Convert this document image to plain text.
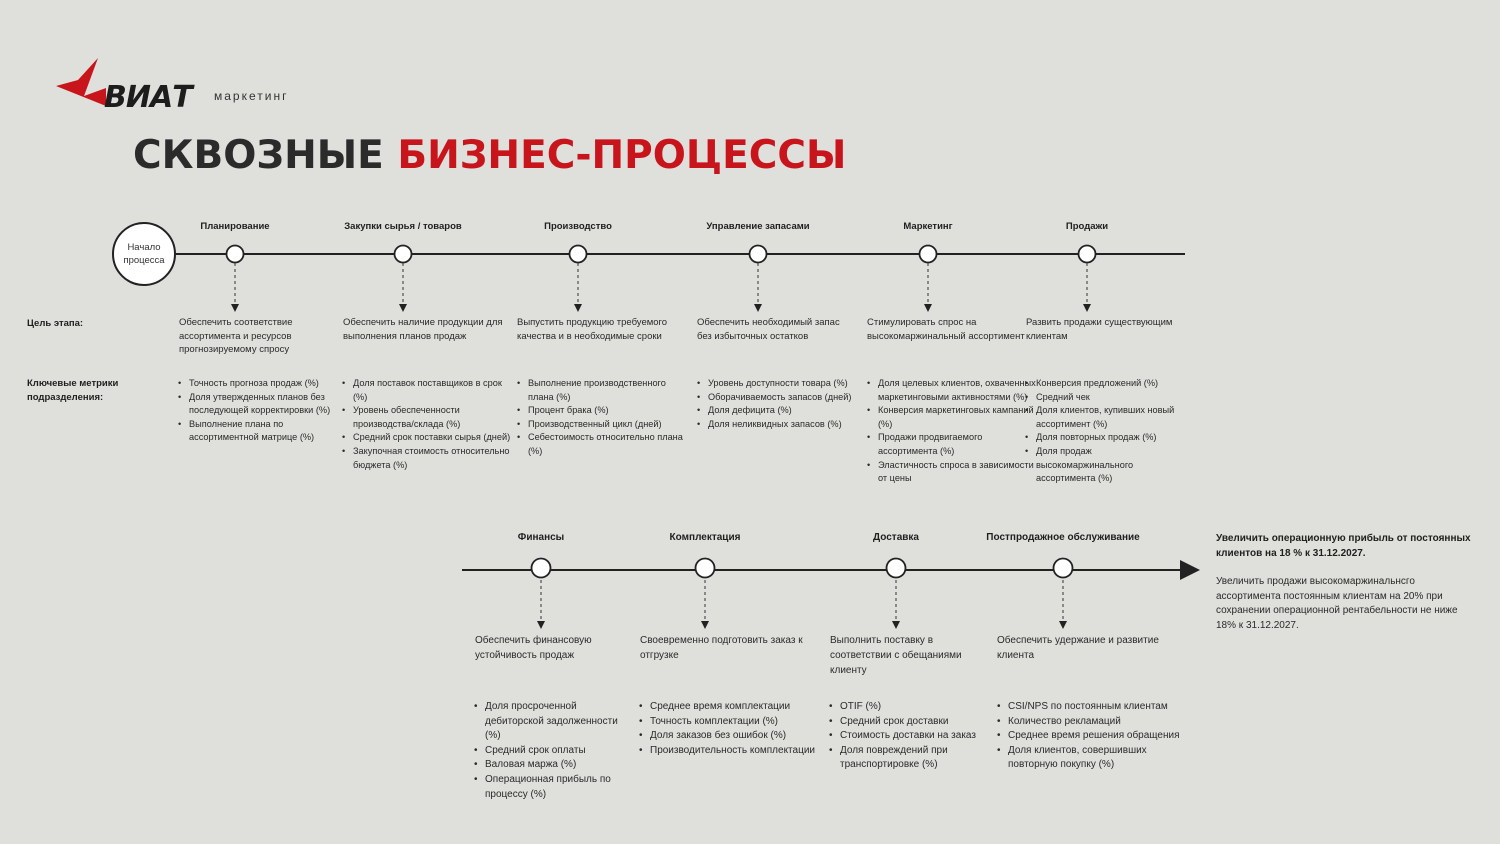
ВИАТ маркетинг
СКВОЗНЫЕ БИЗНЕС-ПРОЦЕССЫ
Начало процесса
Цель этапа:
Ключевые метрики подразделения:
Планирование
Обеспечить соответствие ассортимента и ресурсов прогнозируемому спросу
• Точность прогноза продаж (%)
• Доля утвержденных планов без последующей корректировки (%)
• Выполнение плана по ассортиментной матрице (%)
Закупки сырья / товаров
Обеспечить наличие продукции для выполнения планов продаж
• Доля поставок поставщиков в срок (%)
• Уровень обеспеченности производства/склада (%)
• Средний срок поставки сырья (дней)
• Закупочная стоимость относительно бюджета (%)
Производство
Выпустить продукцию требуемого качества и в необходимые сроки
• Выполнение производственного плана (%)
• Процент брака (%)
• Производственный цикл (дней)
• Себестоимость относительно плана (%)
Управление запасами
Обеспечить необходимый запас без избыточных остатков
• Уровень доступности товара (%)
• Оборачиваемость запасов (дней)
• Доля дефицита (%)
• Доля неликвидных запасов (%)
Маркетинг
Стимулировать спрос на высокомаржинальный ассортимент
• Доля целевых клиентов, охваченных маркетинговыми активностями (%)
• Конверсия маркетинговых кампаний (%)
• Продажи продвигаемого ассортимента (%)
• Эластичность спроса в зависимости от цены
Продажи
Развить продажи существующим клиентам
• Конверсия предложений (%)
• Средний чек
• Доля клиентов, купивших новый ассортимент (%)
• Доля повторных продаж (%)
• Доля продаж высокомаржинального ассортимента (%)
Финансы
Обеспечить финансовую устойчивость продаж
• Доля просроченной дебиторской задолженности (%)
• Средний срок оплаты
• Валовая маржа (%)
• Операционная прибыль по процессу (%)
Комплектация
Своевременно подготовить заказ к отгрузке
• Среднее время комплектации
• Точность комплектации (%)
• Доля заказов без ошибок (%)
• Производительность комплектации
Доставка
Выполнить поставку в соответствии с обещаниями клиенту
• OTIF (%)
• Средний срок доставки
• Стоимость доставки на заказ
• Доля повреждений при транспортировке (%)
Постпродажное обслуживание
Обеспечить удержание и развитие клиента
• CSI/NPS по постоянным клиентам
• Количество рекламаций
• Среднее время решения обращения
• Доля клиентов, совершивших повторную покупку (%)
Увеличить операционную прибыль от постоянных клиентов на 18 % к 31.12.2027.
Увеличить продажи высокомаржинальнсго ассортимента постоянным клиентам на 20% при сохранении операционной рентабельности не ниже 18% к 31.12.2027.
